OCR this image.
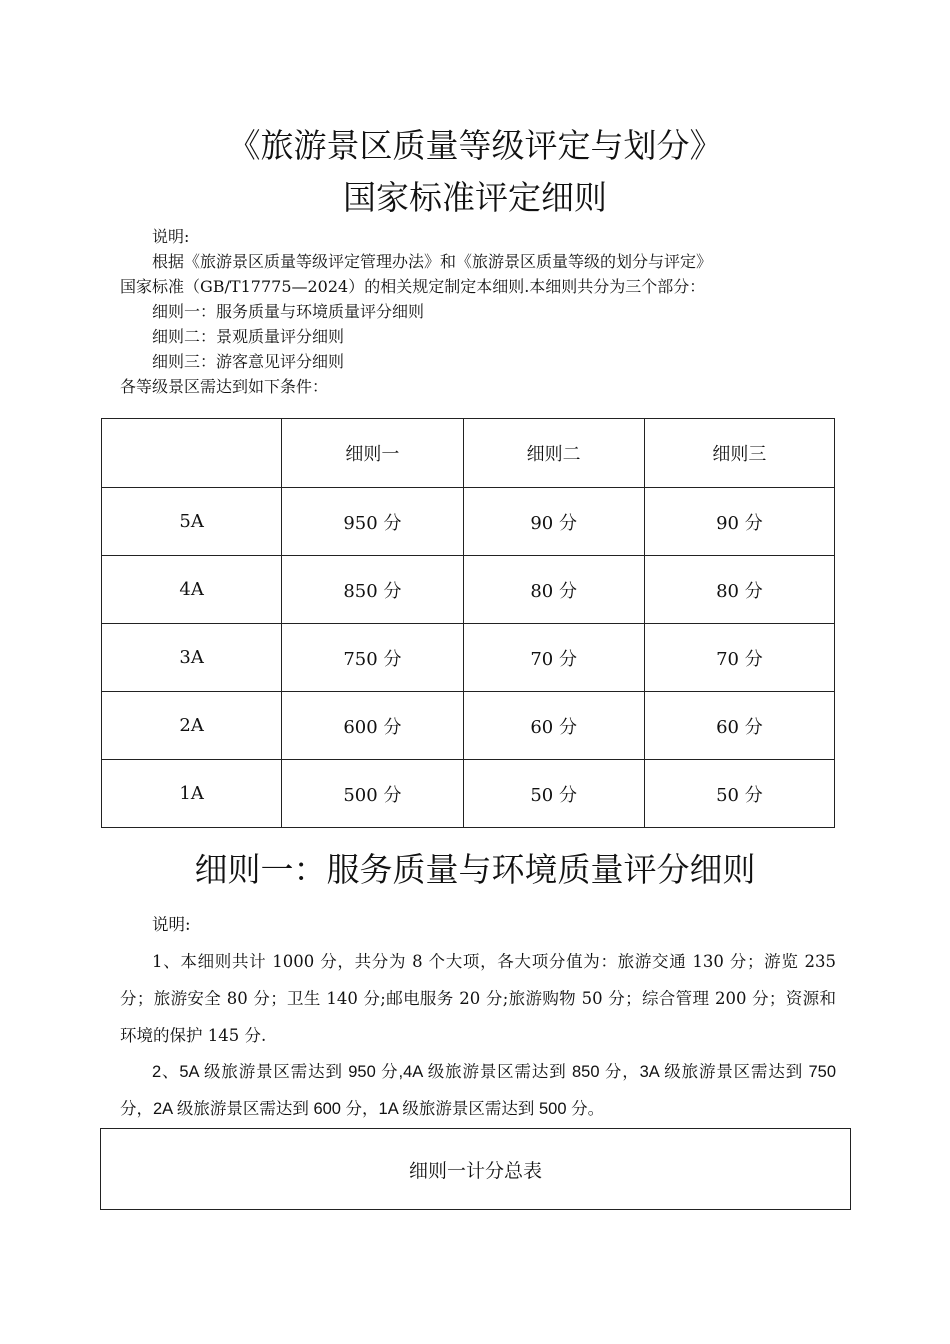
《旅游景区质量等级评定与划分》
国家标准评定细则
说明:
根据《旅游景区质量等级评定管理办法》和《旅游景区质量等级的划分与评定》
国家标准（GB/T17775—2024）的相关规定制定本细则.本细则共分为三个部分：
细则一：服务质量与环境质量评分细则
细则二：景观质量评分细则
细则三：游客意见评分细则
各等级景区需达到如下条件：
	细则一	细则二	细则三
5A	950 分	90 分	90 分
4A	850 分	80 分	80 分
3A	750 分	70 分	70 分
2A	600 分	60 分	60 分
1A	500 分	50 分	50 分
细则一：服务质量与环境质量评分细则

说明:

1、本细则共计 1000 分，共分为 8 个大项，各大项分值为：旅游交通 130 分；游览 235 分；旅游安全 80 分；卫生 140 分;邮电服务 20 分;旅游购物 50 分；综合管理 200 分；资源和环境的保护 145 分.

2、5A 级旅游景区需达到 950 分,4A 级旅游景区需达到 850 分，3A 级旅游景区需达到 750 分，2A 级旅游景区需达到 600 分，1A 级旅游景区需达到 500 分。

细则一计分总表
